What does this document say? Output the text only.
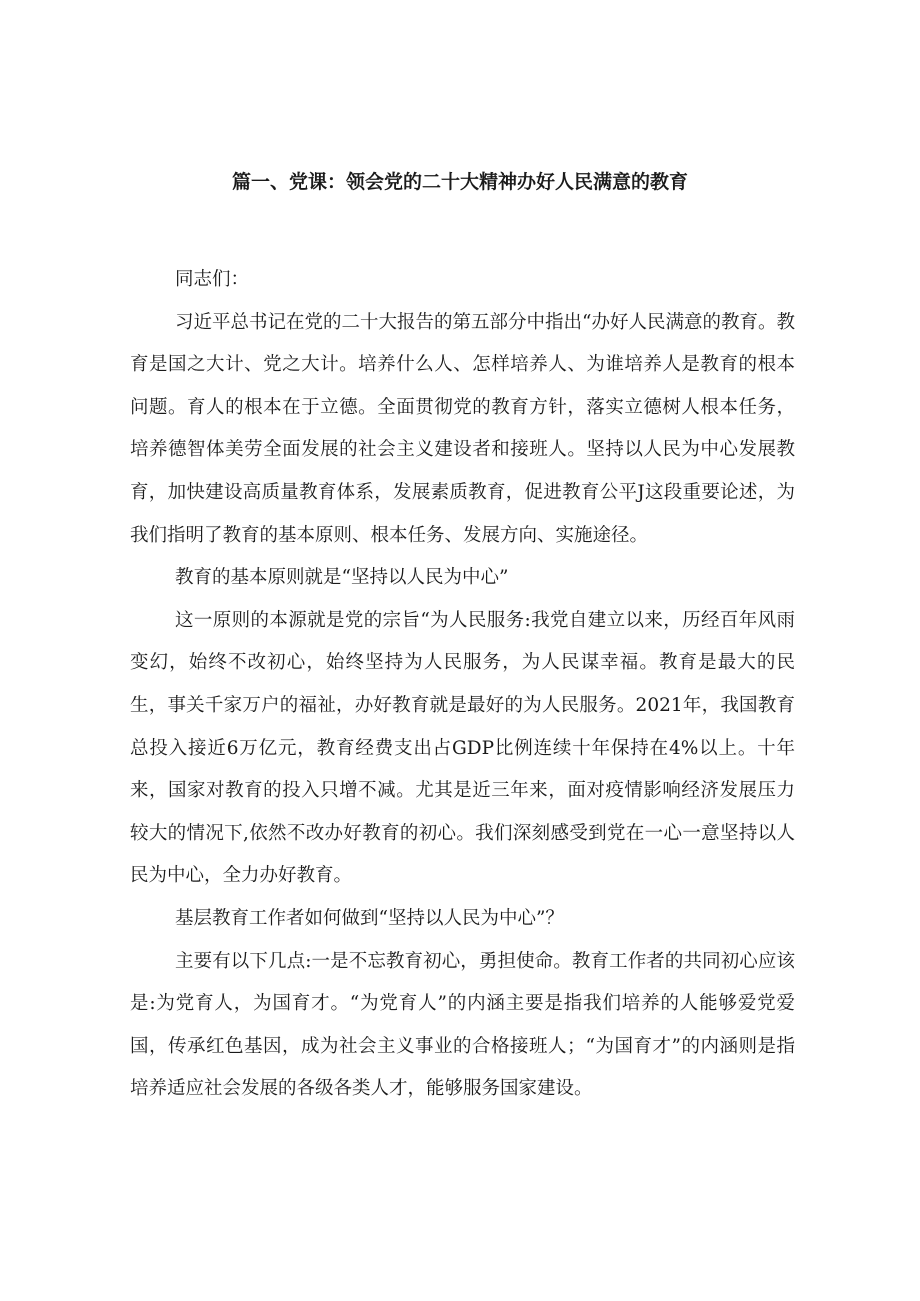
篇一、党课：领会党的二十大精神办好人民满意的教育

同志们：

习近平总书记在党的二十大报告的第五部分中指出“办好人民满意的教育。教育是国之大计、党之大计。培养什么人、怎样培养人、为谁培养人是教育的根本问题。育人的根本在于立德。全面贯彻党的教育方针，落实立德树人根本任务，培养德智体美劳全面发展的社会主义建设者和接班人。坚持以人民为中心发展教育，加快建设高质量教育体系，发展素质教育，促进教育公平J这段重要论述，为我们指明了教育的基本原则、根本任务、发展方向、实施途径。

教育的基本原则就是“坚持以人民为中心”

这一原则的本源就是党的宗旨“为人民服务:我党自建立以来，历经百年风雨变幻，始终不改初心，始终坚持为人民服务，为人民谋幸福。教育是最大的民生，事关千家万户的福祉，办好教育就是最好的为人民服务。2021年，我国教育总投入接近6万亿元，教育经费支出占GDP比例连续十年保持在4%以上。十年来，国家对教育的投入只增不减。尤其是近三年来，面对疫情影响经济发展压力较大的情况下,依然不改办好教育的初心。我们深刻感受到党在一心一意坚持以人民为中心，全力办好教育。

基层教育工作者如何做到“坚持以人民为中心”？

主要有以下几点:一是不忘教育初心，勇担使命。教育工作者的共同初心应该是:为党育人，为国育才。“为党育人”的内涵主要是指我们培养的人能够爱党爱国，传承红色基因，成为社会主义事业的合格接班人；“为国育才”的内涵则是指培养适应社会发展的各级各类人才，能够服务国家建设。
